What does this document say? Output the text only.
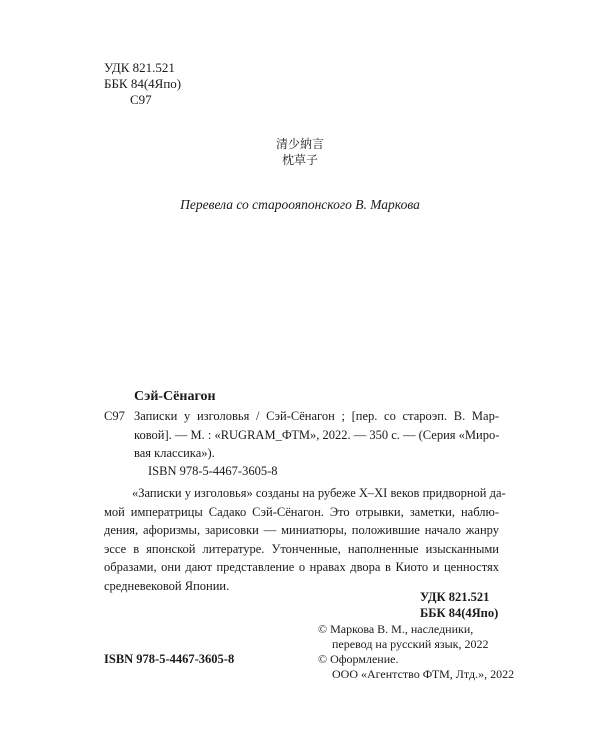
УДК 821.521
ББК 84(4Япо)
С97
清少納言
枕草子
Перевела со староояпонского В. Маркова
Сэй-Сёнагон
С97 Записки у изголовья / Сэй-Сёнагон ; [пер. со староэп. В. Мар-
ковой]. — М. : «RUGRAM_ФТМ», 2022. — 350 с. — (Серия «Миро-
вая классика»).
ISBN 978-5-4467-3605-8
«Записки у изголовья» созданы на рубеже X–XI веков придворной да-
мой императрицы Садако Сэй-Сёнагон. Это отрывки, заметки, наблю-
дения, афоризмы, зарисовки — миниатюры, положившие начало жанру
эссе в японской литературе. Утонченные, наполненные изысканными
образами, они дают представление о нравах двора в Киото и ценностях
средневековой Японии.
УДК 821.521
ББК 84(4Япо)
© Маркова В. М., наследники,
перевод на русский язык, 2022
© Оформление.
ООО «Агентство ФТМ, Лтд.», 2022
ISBN 978-5-4467-3605-8
